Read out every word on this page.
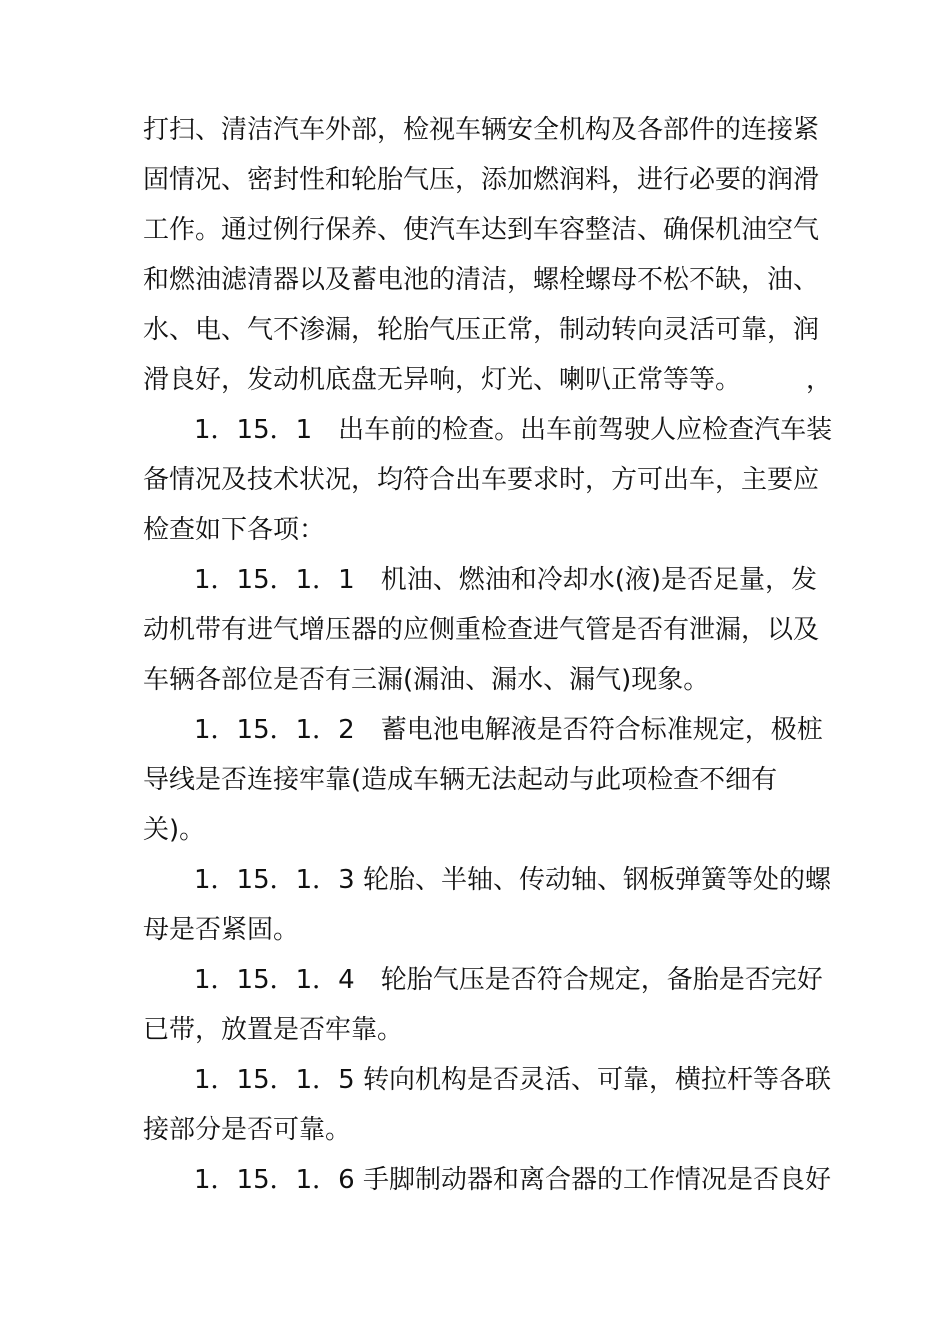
打扫、清洁汽车外部，检视车辆安全机构及各部件的连接紧
固情况、密封性和轮胎气压，添加燃润料，进行必要的润滑
工作。通过例行保养、使汽车达到车容整洁、确保机油空气
和燃油滤清器以及蓄电池的清洁，螺栓螺母不松不缺，油、
水、电、气不渗漏，轮胎气压正常，制动转向灵活可靠，润
滑良好，发动机底盘无异响，灯光、喇叭正常等等。　　　，
1．15．1　出车前的检查。出车前驾驶人应检查汽车装
备情况及技术状况，均符合出车要求时，方可出车，主要应
检查如下各项：
1．15．1．1　机油、燃油和冷却水(液)是否足量，发
动机带有进气增压器的应侧重检查进气管是否有泄漏，以及
车辆各部位是否有三漏(漏油、漏水、漏气)现象。
1．15．1．2　蓄电池电解液是否符合标准规定，极桩
导线是否连接牢靠(造成车辆无法起动与此项检查不细有
关)。
1．15．1．3 轮胎、半轴、传动轴、钢板弹簧等处的螺
母是否紧固。
1．15．1．4　轮胎气压是否符合规定，备胎是否完好
已带，放置是否牢靠。
1．15．1．5 转向机构是否灵活、可靠，横拉杆等各联
接部分是否可靠。
1．15．1．6 手脚制动器和离合器的工作情况是否良好
